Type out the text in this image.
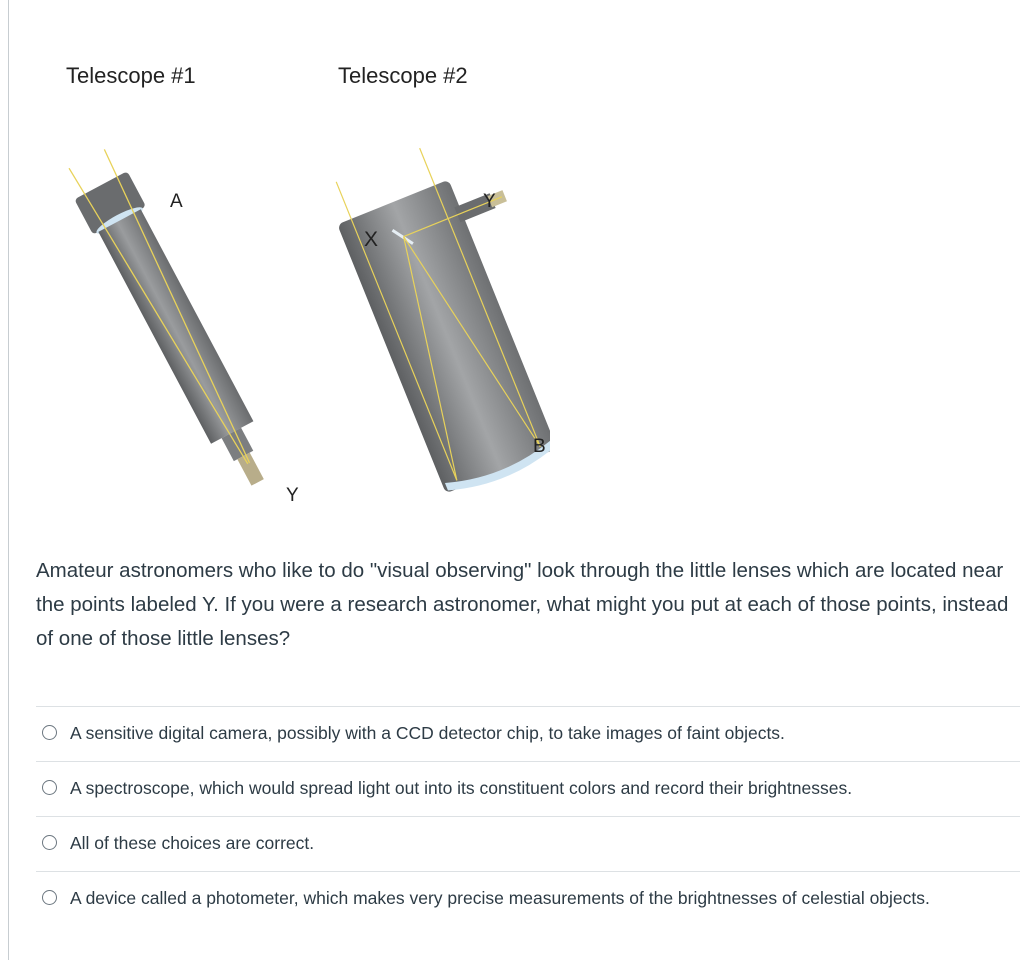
Telescope #1	Telescope #2
A
Y
X
Y
B

Amateur astronomers who like to do "visual observing" look through the little lenses which are located near the points labeled Y. If you were a research astronomer, what might you put at each of those points, instead of one of those little lenses?

A sensitive digital camera, possibly with a CCD detector chip, to take images of faint objects.
A spectroscope, which would spread light out into its constituent colors and record their brightnesses.
All of these choices are correct.
A device called a photometer, which makes very precise measurements of the brightnesses of celestial objects.
